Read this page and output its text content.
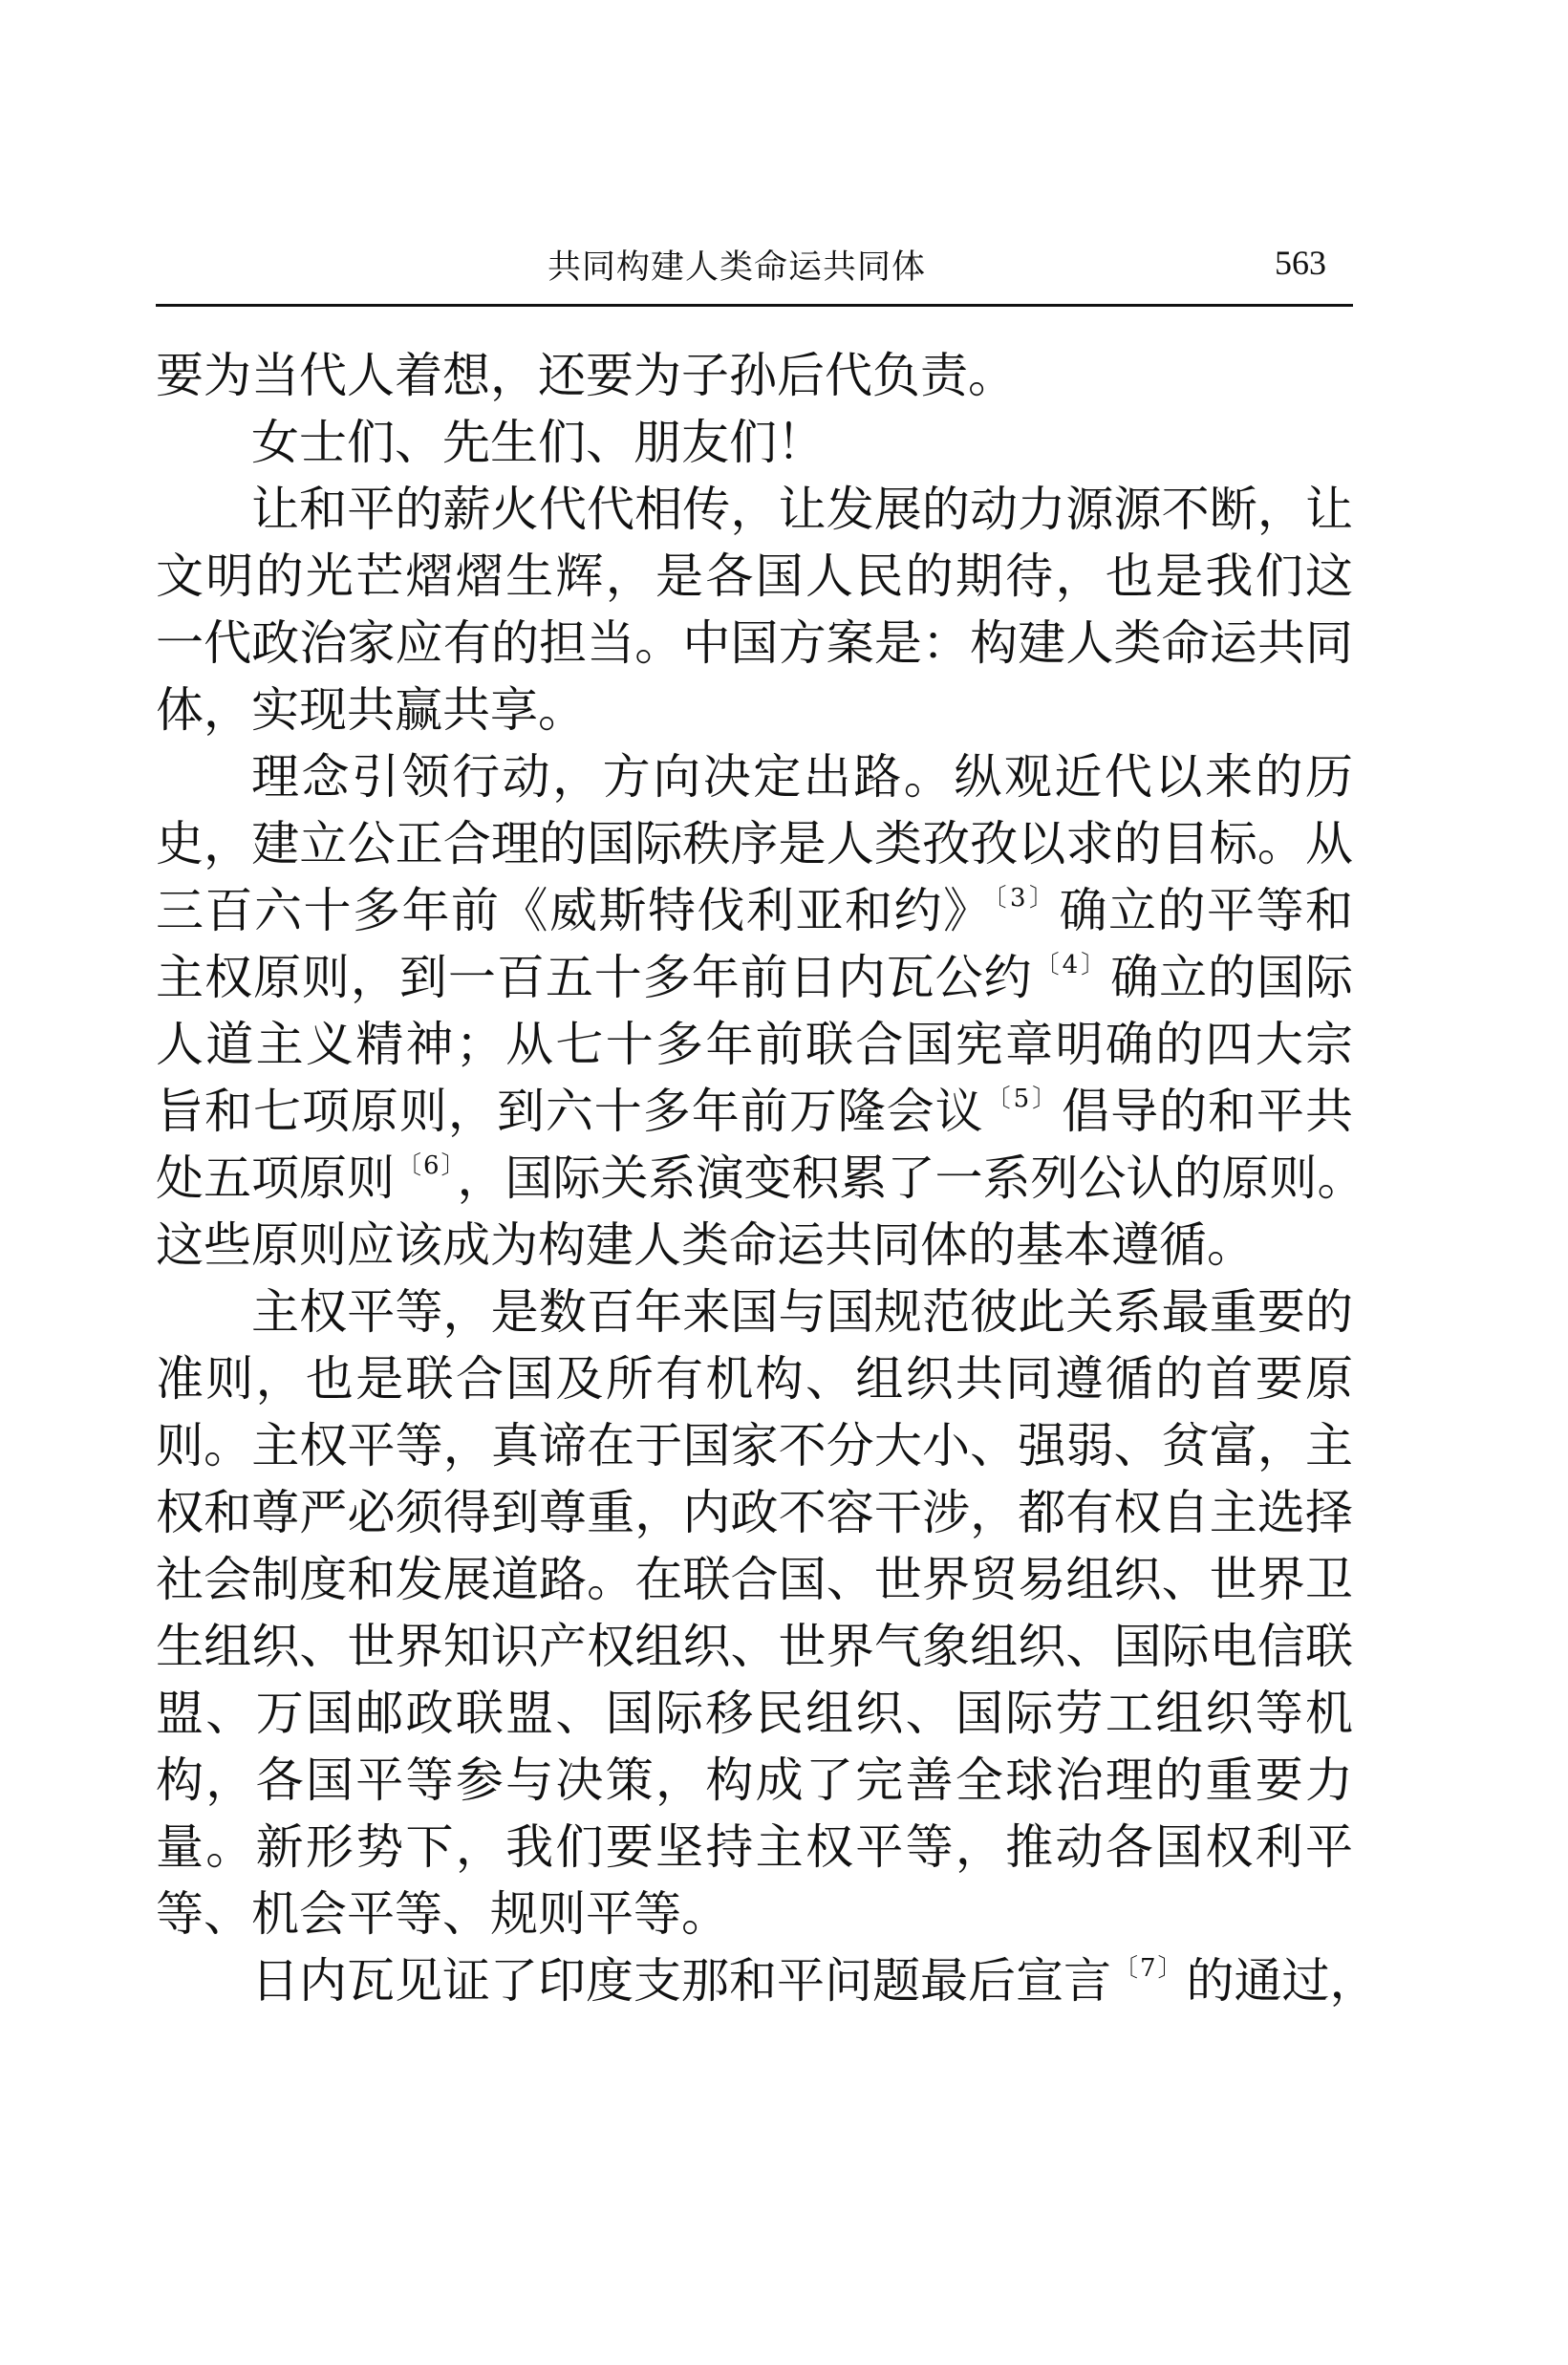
共同构建人类命运共同体	563
要为当代人着想，还要为子孙后代负责。
女士们、先生们、朋友们！
让和平的薪火代代相传，让发展的动力源源不断，让
文明的光芒熠熠生辉，是各国人民的期待，也是我们这
一代政治家应有的担当。中国方案是：构建人类命运共同
体，实现共赢共享。
理念引领行动，方向决定出路。纵观近代以来的历
史，建立公正合理的国际秩序是人类孜孜以求的目标。从
三百六十多年前《威斯特伐利亚和约》$^{〔3〕}$确立的平等和
主权原则，到一百五十多年前日内瓦公约$^{〔4〕}$确立的国际
人道主义精神；从七十多年前联合国宪章明确的四大宗
旨和七项原则，到六十多年前万隆会议$^{〔5〕}$倡导的和平共
处五项原则$^{〔6〕}$，国际关系演变积累了一系列公认的原则。
这些原则应该成为构建人类命运共同体的基本遵循。
主权平等，是数百年来国与国规范彼此关系最重要的
准则，也是联合国及所有机构、组织共同遵循的首要原
则。主权平等，真谛在于国家不分大小、强弱、贫富，主
权和尊严必须得到尊重，内政不容干涉，都有权自主选择
社会制度和发展道路。在联合国、世界贸易组织、世界卫
生组织、世界知识产权组织、世界气象组织、国际电信联
盟、万国邮政联盟、国际移民组织、国际劳工组织等机
构，各国平等参与决策，构成了完善全球治理的重要力
量。新形势下，我们要坚持主权平等，推动各国权利平
等、机会平等、规则平等。
日内瓦见证了印度支那和平问题最后宣言$^{〔7〕}$的通过，
